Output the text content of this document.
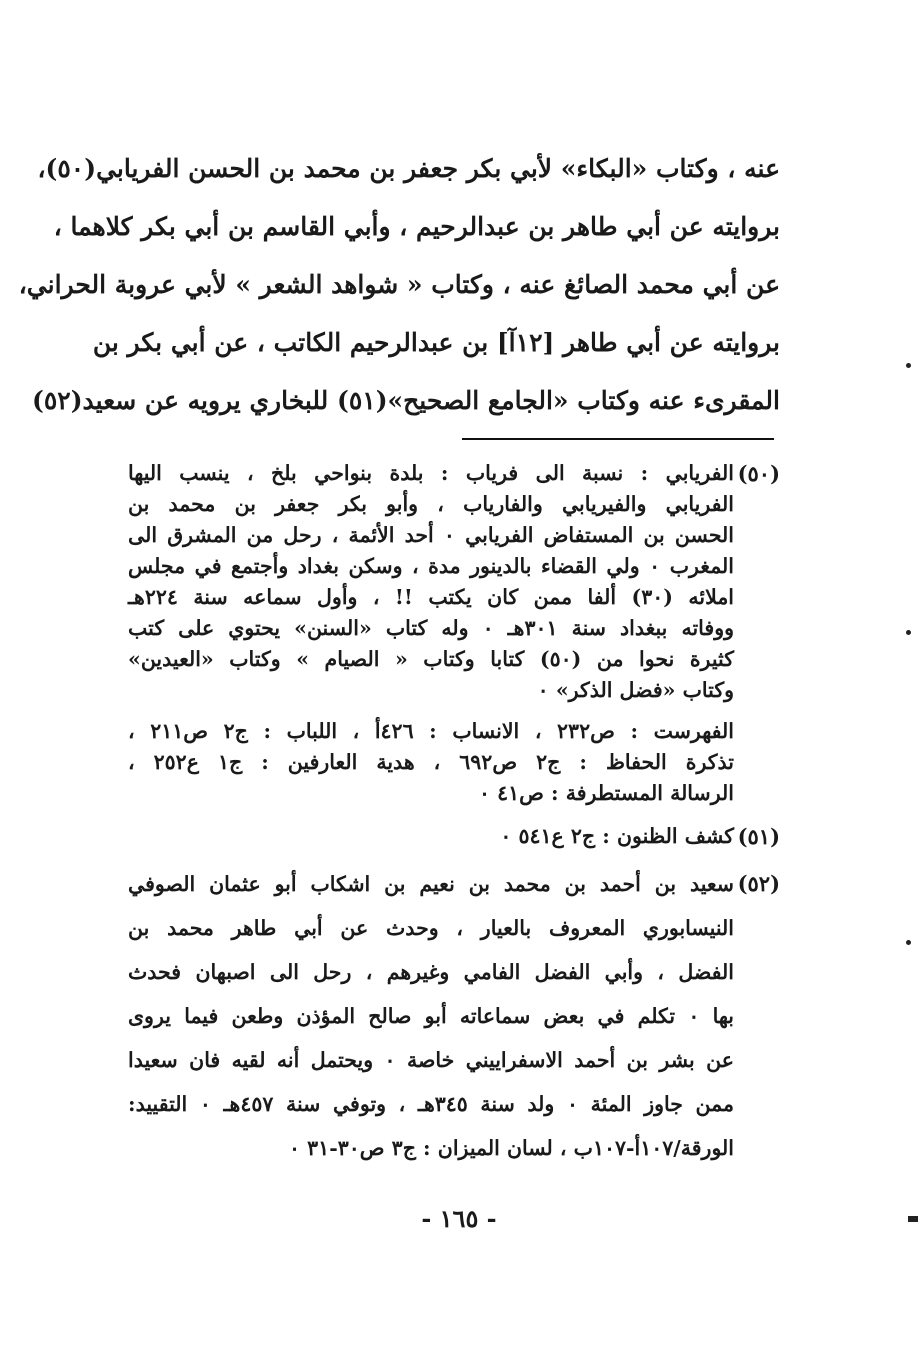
عنه ، وكتاب «البكاء» لأبي بكر جعفر بن محمد بن الحسن الفريابي(٥٠)،
بروايته عن أبي طاهر بن عبدالرحيم ، وأبي القاسم بن أبي بكر كلاهما ،
عن أبي محمد الصائغ عنه ، وكتاب « شواهد الشعر » لأبي عروبة الحراني،
بروايته عن أبي طاهر [١٢آ] بن عبدالرحيم الكاتب ، عن أبي بكر بن
المقرىء عنه وكتاب «الجامع الصحيح»(٥١) للبخاري يرويه عن سعيد(٥٢)
(٥٠)
الفريابي : نسبة الى فرياب : بلدة بنواحي بلخ ، ينسب اليها
الفريابي والفيريابي والفارياب ، وأبو بكر جعفر بن محمد بن
الحسن بن المستفاض الفريابي ٠ أحد الأئمة ، رحل من المشرق الى
المغرب ٠ ولي القضاء بالدينور مدة ، وسكن بغداد وأجتمع في مجلس
املائه (٣٠) ألفا ممن كان يكتب !! ، وأول سماعه سنة ٢٢٤هـ
ووفاته ببغداد سنة ٣٠١هـ ٠ وله كتاب «السنن» يحتوي على كتب
كثيرة نحوا من (٥٠) كتابا وكتاب « الصيام » وكتاب «العيدين»
وكتاب «فضل الذكر» ٠
الفهرست : ص٢٣٢ ، الانساب : ٤٢٦أ ، اللباب : ج٢ ص٢١١ ،
تذكرة الحفاظ : ج٢ ص٦٩٢ ، هدية العارفين : ج١ ع٢٥٢ ،
الرسالة المستطرفة : ص٤١ ٠
(٥١)
كشف الظنون : ج٢ ع٥٤١ ٠
(٥٢)
سعيد بن أحمد بن محمد بن نعيم بن اشكاب أبو عثمان الصوفي
النيسابوري المعروف بالعيار ، وحدث عن أبي طاهر محمد بن
الفضل ، وأبي الفضل الفامي وغيرهم ، رحل الى اصبهان فحدث
بها ٠ تكلم في بعض سماعاته أبو صالح المؤذن وطعن فيما يروى
عن بشر بن أحمد الاسفراييني خاصة ٠ ويحتمل أنه لقيه فان سعيدا
ممن جاوز المئة ٠ ولد سنة ٣٤٥هـ ، وتوفي سنة ٤٥٧هـ ٠ التقييد:
الورقة/١٠٧أ-١٠٧ب ، لسان الميزان : ج٣ ص٣٠-٣١ ٠
- ١٦٥ -
